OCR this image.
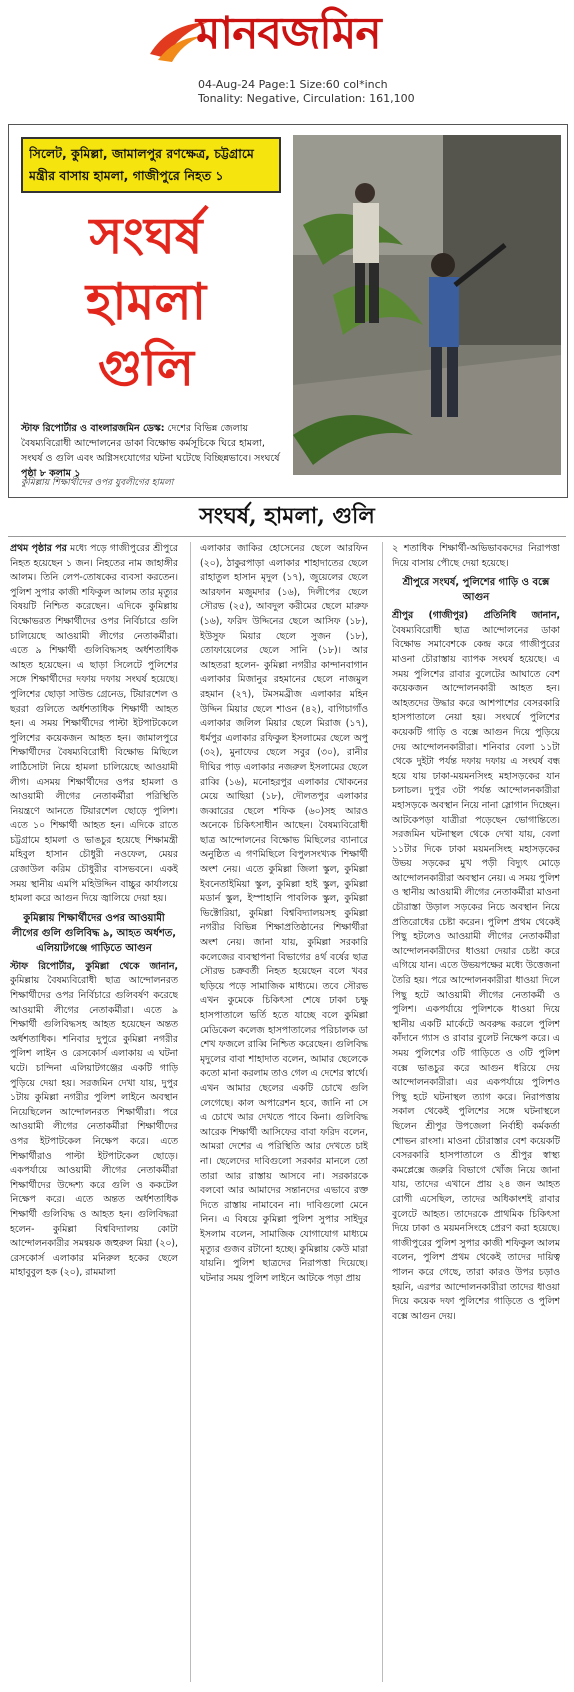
মানবজমিন
04-Aug-24 Page:1 Size:60 col*inch
Tonality: Negative, Circulation: 161,100
সিলেট, কুমিল্লা, জামালপুর রণক্ষেত্র, চট্টগ্রামে
মন্ত্রীর বাসায় হামলা, গাজীপুরে নিহত ১
সংঘর্ষ
হামলা
গুলি
স্টাফ রিপোর্টার ও বাংলারজমিন ডেস্ক: দেশের বিভিন্ন জেলায় বৈষম্যবিরোধী আন্দোলনের ডাকা বিক্ষোভ কর্মসূচিকে ঘিরে হামলা, সংঘর্ষ ও গুলি এবং অগ্নিসংযোগের ঘটনা ঘটেছে বিচ্ছিন্নভাবে। সংঘর্ষে পৃষ্ঠা ৮ কলাম ১
কুমিল্লায় শিক্ষার্থীদের ওপর যুবলীগের হামলা
সংঘর্ষ, হামলা, গুলি

প্রথম পৃষ্ঠার পর মধ্যে পড়ে গাজীপুরের শ্রীপুরে নিহত হয়েছেন ১ জন। নিহতের নাম জাহাঙ্গীর আলম। তিনি লেপ-তোষকের ব্যবসা করতেন। পুলিশ সুপার কাজী শফিকুল আলম তার মৃত্যুর বিষয়টি নিশ্চিত করেছেন। এদিকে কুমিল্লায় বিক্ষোভরত শিক্ষার্থীদের ওপর নির্বিচারে গুলি চালিয়েছে আওয়ামী লীগের নেতাকর্মীরা। এতে ৯ শিক্ষার্থী গুলিবিদ্ধসহ অর্ধশতাধিক আহত হয়েছেন। এ ছাড়া সিলেটে পুলিশের সঙ্গে শিক্ষার্থীদের দফায় দফায় সংঘর্ষ হয়েছে। পুলিশের ছোড়া সাউন্ড গ্রেনেড, টিয়ারশেল ও ছররা গুলিতে অর্ধশতাধিক শিক্ষার্থী আহত হন। এ সময় শিক্ষার্থীদের পাল্টা ইটপাটকেলে পুলিশের কয়েকজন আহত হন। জামালপুরে শিক্ষার্থীদের বৈষম্যবিরোধী বিক্ষোভ মিছিলে লাঠিসোটা নিয়ে হামলা চালিয়েছে আওয়ামী লীগ। এসময় শিক্ষার্থীদের ওপর হামলা ও আওয়ামী লীগের নেতাকর্মীরা পরিস্থিতি নিয়ন্ত্রণে আনতে টিয়ারশেল ছোড়ে পুলিশ। এতে ১০ শিক্ষার্থী আহত হন। এদিকে রাতে চট্টগ্রামে হামলা ও ভাঙচুর হয়েছে শিক্ষামন্ত্রী মহিবুল হাসান চৌধুরী নওফেল, মেয়র রেজাউল করিম চৌধুরীর বাসভবনে। একই সময় স্থানীয় এমপি মহিউদ্দিন বাচ্চুর কার্যালয়ে হামলা করে আগুন দিয়ে জ্বালিয়ে দেয়া হয়।

কুমিল্লায় শিক্ষার্থীদের ওপর আওয়ামী লীগের গুলি গুলিবিদ্ধ ৯, আহত অর্ধশত, এলিয়াটগঞ্জে গাড়িতে আগুন

স্টাফ রিপোর্টার, কুমিল্লা থেকে জানান, কুমিল্লায় বৈষম্যবিরোধী ছাত্র আন্দোলনরত শিক্ষার্থীদের ওপর নির্বিচারে গুলিবর্ষণ করেছে আওয়ামী লীগের নেতাকর্মীরা। এতে ৯ শিক্ষার্থী গুলিবিদ্ধসহ আহত হয়েছেন অন্তত অর্ধশতাধিক। শনিবার দুপুরে কুমিল্লা নগরীর পুলিশ লাইন ও রেসকোর্স এলাকায় এ ঘটনা ঘটে। চান্দিনা এলিয়াটগঞ্জের একটি গাড়ি পুড়িয়ে দেয়া হয়। সরজমিন দেখা যায়, দুপুর ১টায় কুমিল্লা নগরীর পুলিশ লাইনে অবস্থান নিয়েছিলেন আন্দোলনরত শিক্ষার্থীরা। পরে আওয়ামী লীগের নেতাকর্মীরা শিক্ষার্থীদের ওপর ইটপাটকেল নিক্ষেপ করে। এতে শিক্ষার্থীরাও পাল্টা ইটপাটকেল ছোড়ে। একপর্যায়ে আওয়ামী লীগের নেতাকর্মীরা শিক্ষার্থীদের উদ্দেশ্য করে গুলি ও ককটেল নিক্ষেপ করে। এতে অন্তত অর্ধশতাধিক শিক্ষার্থী গুলিবিদ্ধ ও আহত হন। গুলিবিদ্ধরা হলেন- কুমিল্লা বিশ্ববিদ্যালয় কোটা আন্দোলনকারীর সমন্বয়ক জহুরুল মিয়া (২০), রেসকোর্স এলাকার মনিরুল হকের ছেলে মাহাবুবুল হক (২০), রামমালা

এলাকার জাকির হোসেনের ছেলে আরফিন (২০), ঠাকুরপাড়া এলাকার শাহাদাতের ছেলে রাহাতুল হাসান মৃদুল (১৭), জুয়েলের ছেলে আরফান মজুমদার (১৬), দিলীপের ছেলে সৌরভ (২৫), আবদুল করীমের ছেলে মারুফ (১৬), ফরিদ উদ্দিনের ছেলে আসিফ (১৮), ইউসুফ মিয়ার ছেলে সুজন (১৮), তোফায়েলের ছেলে সানি (১৮)। আর আহতরা হলেন- কুমিল্লা নগরীর কান্দানবাগান এলাকার মিজানুর রহমানের ছেলে নাজমুল রহমান (২৭), টমসমব্রীজ এলাকার মহিন উদ্দিন মিয়ার ছেলে শাওন (৪২), বাগিচাগাঁও এলাকার জলিল মিয়ার ছেলে মিরাজ (১৭), ধর্মপুর এলাকার রফিকুল ইসলামের ছেলে অপু (৩২), মুনাফের ছেলে সবুর (৩০), রানীর দীঘির পাড় এলাকার নজরুল ইসলামের ছেলে রাব্বি (১৬), মনোহরপুর এলাকার খোকনের মেয়ে আছিয়া (১৮), দৌলতপুর এলাকার জব্বারের ছেলে শফিক (৬০)সহ আরও অনেকে চিকিৎসাধীন আছেন। বৈষম্যবিরোধী ছাত্র আন্দোলনের বিক্ষোভ মিছিলের ব্যানারে অনুষ্ঠিত এ গণমিছিলে বিপুলসংখ্যক শিক্ষার্থী অংশ নেয়। এতে কুমিল্লা জিলা স্কুল, কুমিল্লা ইবনেতাইমিয়া স্কুল, কুমিল্লা হাই স্কুল, কুমিল্লা মডার্ন স্কুল, ইস্পাহানি পাবলিক স্কুল, কুমিল্লা ভিক্টোরিয়া, কুমিল্লা বিশ্ববিদ্যালয়সহ কুমিল্লা নগরীর বিভিন্ন শিক্ষাপ্রতিষ্ঠানের শিক্ষার্থীরা অংশ নেয়। জানা যায়, কুমিল্লা সরকারি কলেজের ব্যবস্থাপনা বিভাগের ৪র্থ বর্ষের ছাত্র সৌরভ চক্রবর্তী নিহত হয়েছেন বলে খবর ছড়িয়ে পড়ে সামাজিক মাধ্যমে। তবে সৌরভ এখন কুমেকে চিকিৎসা শেষে ঢাকা চক্ষু হাসপাতালে ভর্তি হতে যাচ্ছে বলে কুমিল্লা মেডিকেল কলেজ হাসপাতালের পরিচালক ডা শেখ ফজলে রাব্বি নিশ্চিত করেছেন। গুলিবিদ্ধ মৃদুলের বাবা শাহাদাত বলেন, আমার ছেলেকে কতো মানা করলাম তাও গেল এ দেশের স্বার্থে। এখন আমার ছেলের একটি চোখে গুলি লেগেছে। কাল অপারেশন হবে, জানি না সে এ চোখে আর দেখতে পাবে কিনা। গুলিবিদ্ধ আরেক শিক্ষার্থী আসিফের বাবা ফরিদ বলেন, আমরা দেশের এ পরিস্থিতি আর দেখতে চাই না। ছেলেদের দাবিগুলো সরকার মানলে তো তারা আর রাস্তায় আসবে না। সরকারকে বলবো আর আমাদের সন্তানদের এভাবে রক্ত দিতে রাস্তায় নামাবেন না। দাবিগুলো মেনে নিন। এ বিষয়ে কুমিল্লা পুলিশ সুপার সাইদুর ইসলাম বলেন, সামাজিক যোগাযোগ মাধ্যমে মৃত্যুর গুজব রটানো হচ্ছে। কুমিল্লায় কেউ মারা যায়নি। পুলিশ ছাত্রদের নিরাপত্তা দিয়েছে। ঘটনার সময় পুলিশ লাইনে আটকে পড়া প্রায়

২ শতাধিক শিক্ষার্থী-অভিভাবকদের নিরাপত্তা দিয়ে বাসায় পৌছে দেয়া হয়েছে।

শ্রীপুরে সংঘর্ষ, পুলিশের গাড়ি ও বক্সে আগুন

শ্রীপুর (গাজীপুর) প্রতিনিধি জানান, বৈষম্যবিরোধী ছাত্র আন্দোলনের ডাকা বিক্ষোভ সমাবেশকে কেন্দ্র করে গাজীপুরের মাওনা চৌরাস্তায় ব্যাপক সংঘর্ষ হয়েছে। এ সময় পুলিশের রাবার বুলেটের আঘাতে বেশ কয়েকজন আন্দোলনকারী আহত হন। আহতদের উদ্ধার করে আশপাশের বেসরকারি হাসপাতালে নেয়া হয়। সংঘর্ষে পুলিশের কয়েকটি গাড়ি ও বক্সে আগুন দিয়ে পুড়িয়ে দেয় আন্দোলনকারীরা। শনিবার বেলা ১১টা থেকে দুইটা পর্যন্ত দফায় দফায় এ সংঘর্ষ বন্ধ হয়ে যায় ঢাকা-ময়মনসিংহ মহাসড়কের যান চলাচল। দুপুর ৩টা পর্যন্ত আন্দোলনকারীরা মহাসড়কে অবস্থান নিয়ে নানা স্লোগান দিচ্ছেন। আটকেপড়া যাত্রীরা পড়েছেন ভোগান্তিতে। সরজমিন ঘটনাস্থল থেকে দেখা যায়, বেলা ১১টার দিকে ঢাকা ময়মনসিংহ মহাসড়কের উভয় সড়কের মুখ পড়ী বিদ্যুৎ মোড়ে আন্দোলনকারীরা অবস্থান নেয়। এ সময় পুলিশ ও স্থানীয় আওয়ামী লীগের নেতাকর্মীরা মাওনা চৌরাস্তা উড়াল সড়কের নিচে অবস্থান নিয়ে প্রতিরোধের চেষ্টা করেন। পুলিশ প্রথম থেকেই পিছু হটলেও আওয়ামী লীগের নেতাকর্মীরা আন্দোলনকারীদের ধাওয়া দেয়ার চেষ্টা করে এগিয়ে যান। এতে উভয়পক্ষের মধ্যে উত্তেজনা তৈরি হয়। পরে আন্দোলনকারীরা ধাওয়া দিলে পিছু হটে আওয়ামী লীগের নেতাকর্মী ও পুলিশ। একপর্যায়ে পুলিশকে ধাওয়া দিয়ে স্থানীয় একটি মার্কেটে অবরুদ্ধ করলে পুলিশ কাঁদানে গ্যাস ও রাবার বুলেট নিক্ষেপ করে। এ সময় পুলিশের ৩টি গাড়িতে ও ৩টি পুলিশ বক্সে ভাঙচুর করে আগুন ধরিয়ে দেয় আন্দোলনকারীরা। এর একপর্যায়ে পুলিশও পিছু হটে ঘটনাস্থল ত্যাগ করে। নিরাপত্তায় সকাল থেকেই পুলিশের সঙ্গে ঘটনাস্থলে ছিলেন শ্রীপুর উপজেলা নির্বাহী কর্মকর্তা শোভন রাংসা। মাওনা চৌরাস্তার বেশ কয়েকটি বেসরকারি হাসপাতালে ও শ্রীপুর স্বাস্থ্য কমপ্লেক্সে জরুরি বিভাগে খোঁজ নিয়ে জানা যায়, তাদের এখানে প্রায় ২৪ জন আহত রোগী এসেছিল, তাদের অধিকাংশই রাবার বুলেটে আহত। তাদেরকে প্রাথমিক চিকিৎসা দিয়ে ঢাকা ও ময়মনসিংহে প্রেরণ করা হয়েছে। গাজীপুরের পুলিশ সুপার কাজী শফিকুল আলম বলেন, পুলিশ প্রথম থেকেই তাদের দায়িত্ব পালন করে গেছে, তারা কারও উপর চড়াও হয়নি, এরপর আন্দোলনকারীরা তাদের ধাওয়া দিয়ে কয়েক দফা পুলিশের গাড়িতে ও পুলিশ বক্সে আগুন দেয়।
